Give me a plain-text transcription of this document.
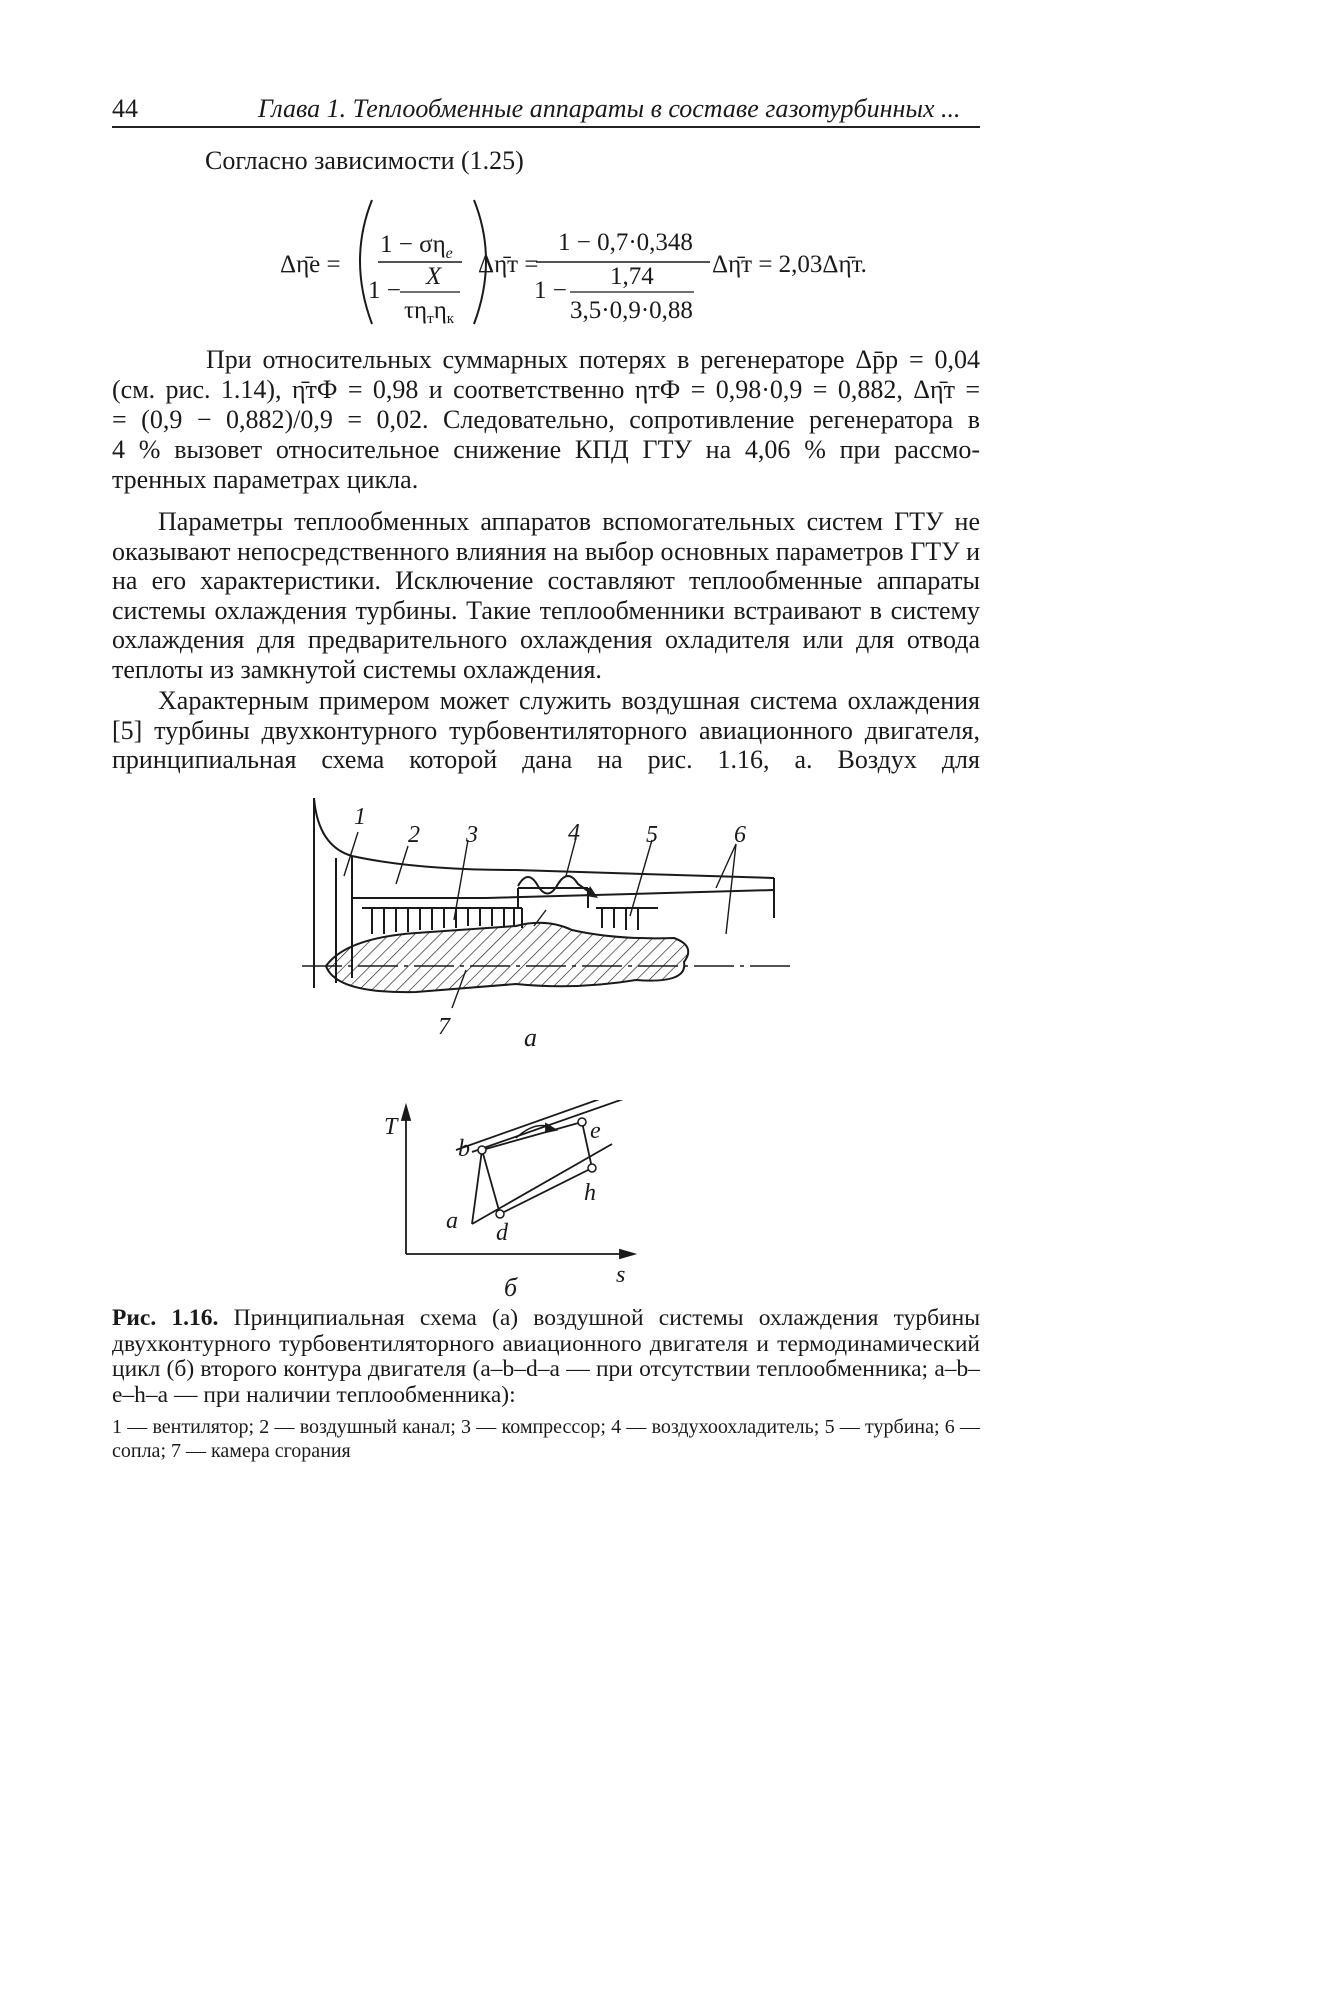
44	Глава 1. Теплообменные аппараты в составе газотурбинных ...
Согласно зависимости (1.25)
Δη̄e =
$1 - \sigma\eta_e$
1 −
X
$\tau\eta_т\eta_к$
Δη̄т =
1 − 0,7·0,348
1 −
1,74
3,5·0,9·0,88
Δη̄т = 2,03Δη̄т.

При относительных суммарных потерях в регенераторе Δp̄p = 0,04

(см. рис. 1.14), η̄тФ = 0,98 и соответственно ηтФ = 0,98·0,9 = 0,882, Δη̄т =

= (0,9 − 0,882)/0,9 = 0,02. Следовательно, сопротивление регенератора в

4 % вызовет относительное снижение КПД ГТУ на 4,06 % при рассмо-

тренных параметрах цикла.

Параметры теплообменных аппаратов вспомогательных систем ГТУ не оказывают непосредственного влияния на выбор основных параметров ГТУ и на его характеристики. Исключение составляют теплообменные аппараты системы охлаждения турбины. Такие теплообменники встраивают в систему охлаждения для предварительного охлаждения охладителя или для отвода теплоты из замкнутой системы охлаждения.

Характерным примером может служить воздушная система охлаждения [5] турбины двухконтурного турбовентиляторного авиационного двигателя, принципиальная схема которой дана на рис. 1.16, а. Воздух для

1
2 3	4	5	6
7	а
T
s
a
b
d
e
h
б

Рис. 1.16. Принципиальная схема (а) воздушной системы охлаждения турбины двухконтурного турбовентиляторного авиационного двигателя и термодинамический цикл (б) второго контура двигателя (а–b–d–а — при отсутствии теплообменника; а–b–е–h–а — при наличии теплообменника):

1 — вентилятор; 2 — воздушный канал; 3 — компрессор; 4 — воздухоохладитель; 5 — турбина; 6 — сопла; 7 — камера сгорания
